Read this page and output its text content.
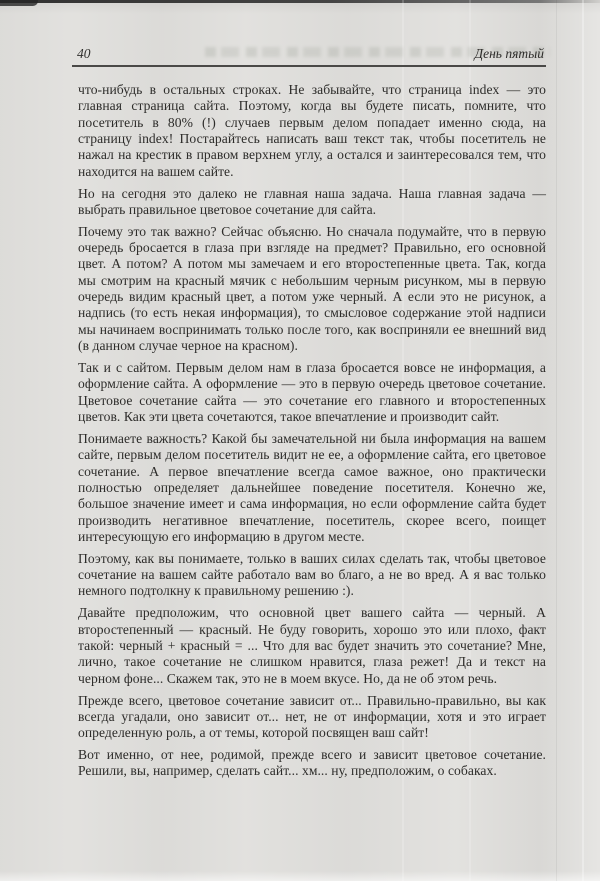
40	День пятый

что-нибудь в остальных строках. Не забывайте, что страница index — это главная страница сайта. Поэтому, когда вы будете писать, помните, что посетитель в 80% (!) случаев первым делом попадает именно сюда, на страницу index! Постарайтесь написать ваш текст так, чтобы посетитель не нажал на крестик в правом верхнем углу, а остался и заинтересовался тем, что находится на вашем сайте.

Но на сегодня это далеко не главная наша задача. Наша главная задача — выбрать правильное цветовое сочетание для сайта.

Почему это так важно? Сейчас объясню. Но сначала подумайте, что в первую очередь бросается в глаза при взгляде на предмет? Правильно, его основной цвет. А потом? А потом мы замечаем и его второстепенные цвета. Так, когда мы смотрим на красный мячик с небольшим черным рисунком, мы в первую очередь видим красный цвет, а потом уже черный. А если это не рисунок, а надпись (то есть некая информация), то смысловое содержание этой надписи мы начинаем воспринимать только после того, как восприняли ее внешний вид (в данном случае черное на красном).

Так и с сайтом. Первым делом нам в глаза бросается вовсе не информация, а оформление сайта. А оформление — это в первую очередь цветовое сочетание. Цветовое сочетание сайта — это сочетание его главного и второстепенных цветов. Как эти цвета сочетаются, такое впечатление и производит сайт.

Понимаете важность? Какой бы замечательной ни была информация на вашем сайте, первым делом посетитель видит не ее, а оформление сайта, его цветовое сочетание. А первое впечатление всегда самое важное, оно практически полностью определяет дальнейшее поведение посетителя. Конечно же, большое значение имеет и сама информация, но если оформление сайта будет производить негативное впечатление, посетитель, скорее всего, поищет интересующую его информацию в другом месте.

Поэтому, как вы понимаете, только в ваших силах сделать так, чтобы цветовое сочетание на вашем сайте работало вам во благо, а не во вред. А я вас только немного подтолкну к правильному решению :).

Давайте предположим, что основной цвет вашего сайта — черный. А второстепенный — красный. Не буду говорить, хорошо это или плохо, факт такой: черный + красный = ... Что для вас будет значить это сочетание? Мне, лично, такое сочетание не слишком нравится, глаза режет! Да и текст на черном фоне... Скажем так, это не в моем вкусе. Но, да не об этом речь.

Прежде всего, цветовое сочетание зависит от... Правильно-правильно, вы как всегда угадали, оно зависит от... нет, не от информации, хотя и это играет определенную роль, а от темы, которой посвящен ваш сайт!

Вот именно, от нее, родимой, прежде всего и зависит цветовое сочетание. Решили, вы, например, сделать сайт... хм... ну, предположим, о собаках.
